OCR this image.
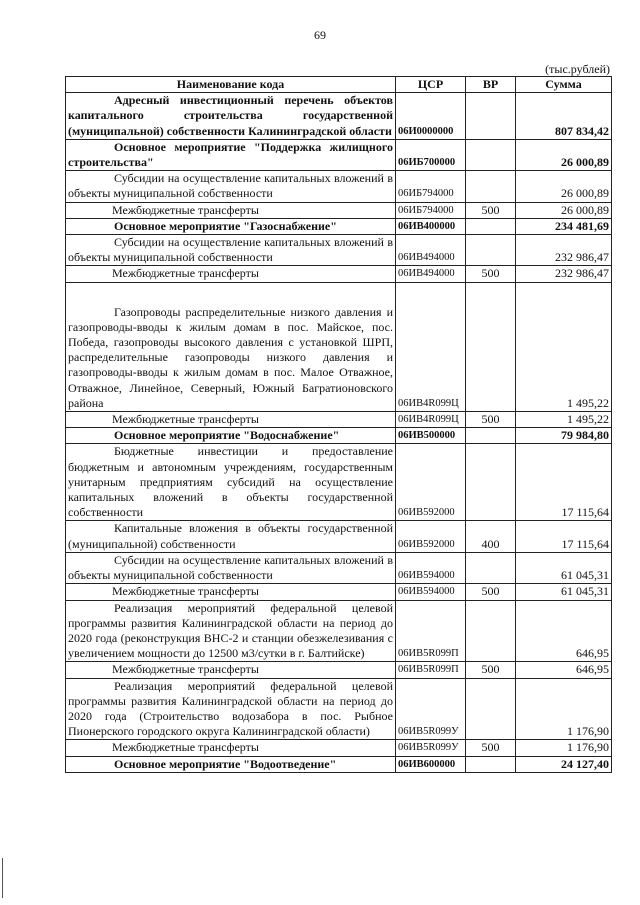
69
(тыс.рублей)
Наименование кода	ЦСР	ВР	Сумма
Адресный инвестиционный перечень объектов капитального строительства государственной (муниципальной) собственности Калининградской области	06И0000000		807 834,42
Основное мероприятие "Поддержка жилищного строительства"	06ИБ700000		26 000,89
Субсидии на осуществление капитальных вложений в объекты муниципальной собственности	06ИБ794000		26 000,89
Межбюджетные трансферты	06ИБ794000	500	26 000,89
Основное мероприятие "Газоснабжение"	06ИВ400000		234 481,69
Субсидии на осуществление капитальных вложений в объекты муниципальной собственности	06ИВ494000		232 986,47
Межбюджетные трансферты	06ИВ494000	500	232 986,47
Газопроводы распределительные низкого давления и газопроводы-вводы к жилым домам в пос. Майское, пос. Победа, газопроводы высокого давления с установкой ШРП, распределительные газопроводы низкого давления и газопроводы-вводы к жилым домам в пос. Малое Отважное, Отважное, Линейное, Северный, Южный Багратионовского района	06ИВ4R099Ц		1 495,22
Межбюджетные трансферты	06ИВ4R099Ц	500	1 495,22
Основное мероприятие "Водоснабжение"	06ИВ500000		79 984,80
Бюджетные инвестиции и предоставление бюджетным и автономным учреждениям, государственным унитарным предприятиям субсидий на осуществление капитальных вложений в объекты государственной собственности	06ИВ592000		17 115,64
Капитальные вложения в объекты государственной (муниципальной) собственности	06ИВ592000	400	17 115,64
Субсидии на осуществление капитальных вложений в объекты муниципальной собственности	06ИВ594000		61 045,31
Межбюджетные трансферты	06ИВ594000	500	61 045,31
Реализация мероприятий федеральной целевой программы развития Калининградской области на период до 2020 года (реконструкция ВНС-2 и станции обезжелезивания с увеличением мощности до 12500 м3/сутки в г. Балтийске)	06ИВ5R099П		646,95
Межбюджетные трансферты	06ИВ5R099П	500	646,95
Реализация мероприятий федеральной целевой программы развития Калининградской области на период до 2020 года (Строительство водозабора в пос. Рыбное Пионерского городского округа Калининградской области)	06ИВ5R099У		1 176,90
Межбюджетные трансферты	06ИВ5R099У	500	1 176,90
Основное мероприятие "Водоотведение"	06ИВ600000		24 127,40
